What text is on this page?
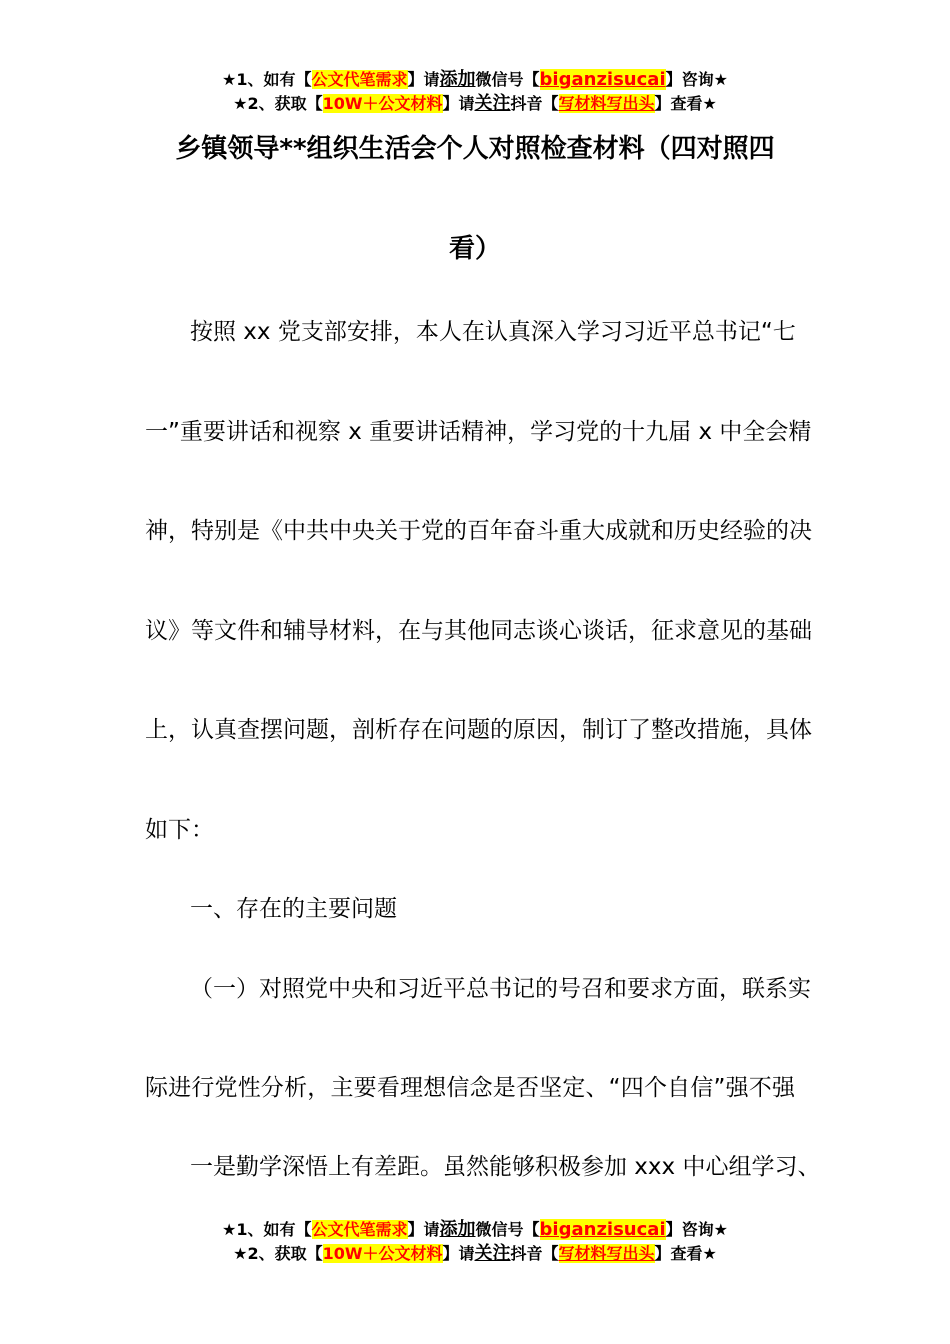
★1、如有【公文代笔需求】请添加微信号【biganzisucai】咨询★
★2、获取【10W＋公文材料】请关注抖音【写材料写出头】查看★
乡镇领导**组织生活会个人对照检查材料（四对照四
看）
按照 xx 党支部安排，本人在认真深入学习习近平总书记“七
一”重要讲话和视察 x 重要讲话精神，学习党的十九届 x 中全会精
神，特别是《中共中央关于党的百年奋斗重大成就和历史经验的决
议》等文件和辅导材料，在与其他同志谈心谈话，征求意见的基础
上，认真查摆问题，剖析存在问题的原因，制订了整改措施，具体
如下：
一、存在的主要问题
（一）对照党中央和习近平总书记的号召和要求方面，联系实
际进行党性分析，主要看理想信念是否坚定、“四个自信”强不强
一是勤学深悟上有差距。虽然能够积极参加 xxx 中心组学习、
★1、如有【公文代笔需求】请添加微信号【biganzisucai】咨询★
★2、获取【10W＋公文材料】请关注抖音【写材料写出头】查看★
